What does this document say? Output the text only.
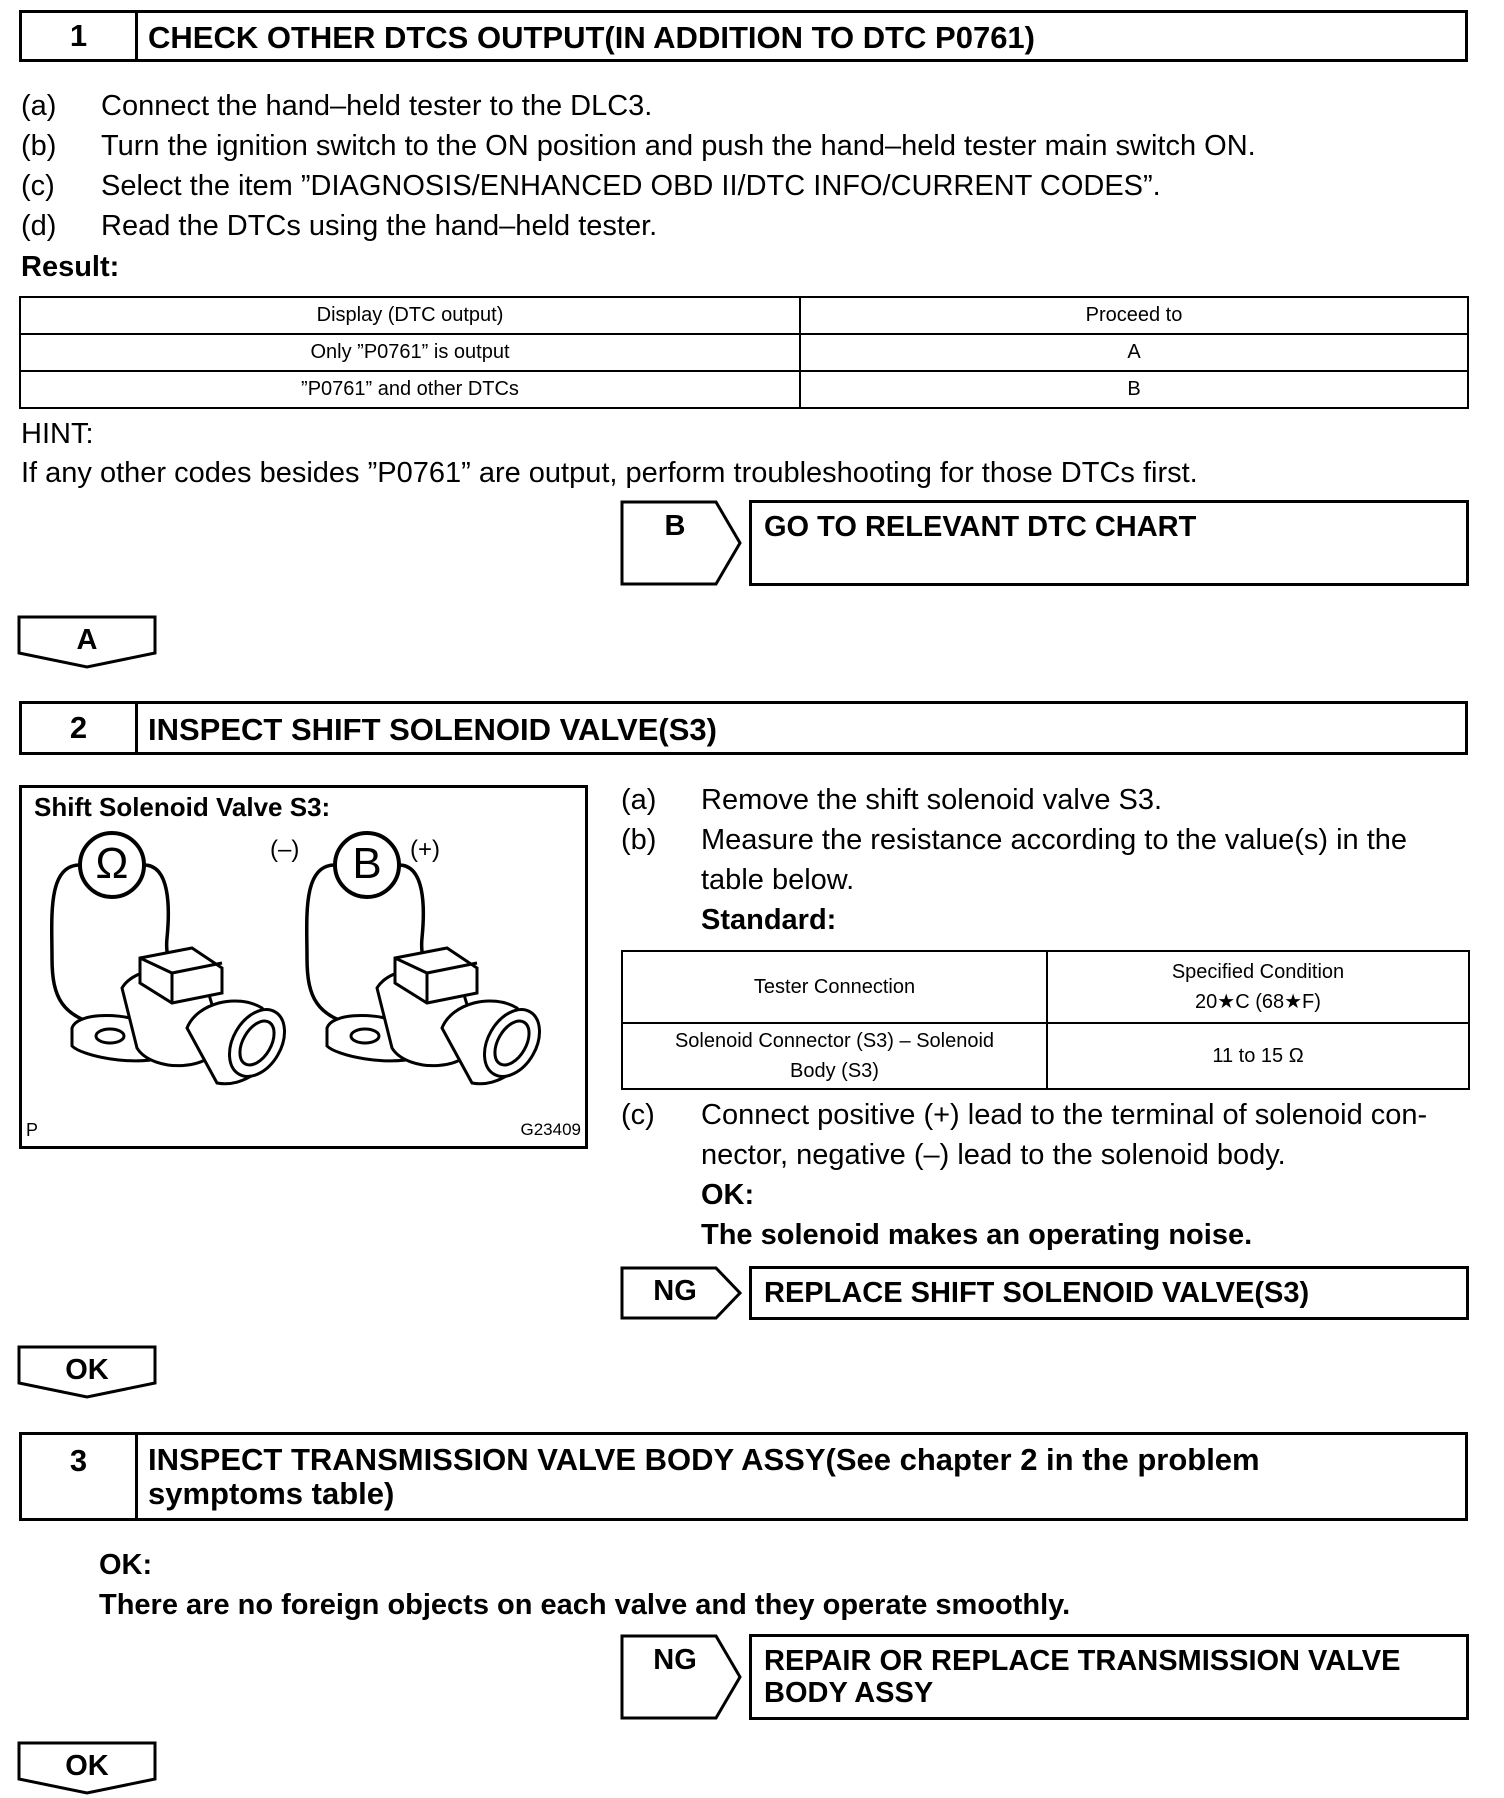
1	CHECK OTHER DTCS OUTPUT(IN ADDITION TO DTC P0761)
(a) Connect the hand–held tester to the DLC3.
(b) Turn the ignition switch to the ON position and push the hand–held tester main switch ON.
(c) Select the item ”DIAGNOSIS/ENHANCED OBD II/DTC INFO/CURRENT CODES”.
(d) Read the DTCs using the hand–held tester.
Result:
Display (DTC output)	Proceed to
Only ”P0761” is output	A
”P0761” and other DTCs	B
HINT:
If any other codes besides ”P0761” are output, perform troubleshooting for those DTCs first.
B	GO TO RELEVANT DTC CHART
A
2	INSPECT SHIFT SOLENOID VALVE(S3)
Shift Solenoid Valve S3:
Ω	B
(–)	(+)
P	G23409
(a) Remove the shift solenoid valve S3.
(b) Measure the resistance according to the value(s) in the
table below.
Standard:
Tester Connection	Specified Condition
20★C (68★F)

Solenoid Connector (S3) – Solenoid
Body (S3)	11 to 15 Ω
(c) Connect positive (+) lead to the terminal of solenoid con-
nector, negative (–) lead to the solenoid body.
OK:
The solenoid makes an operating noise.
NG	REPLACE SHIFT SOLENOID VALVE(S3)
OK
3	INSPECT TRANSMISSION VALVE BODY ASSY(See chapter 2 in the problem
symptoms table)
OK:
There are no foreign objects on each valve and they operate smoothly.
NG	REPAIR OR REPLACE TRANSMISSION VALVE
BODY ASSY
OK
